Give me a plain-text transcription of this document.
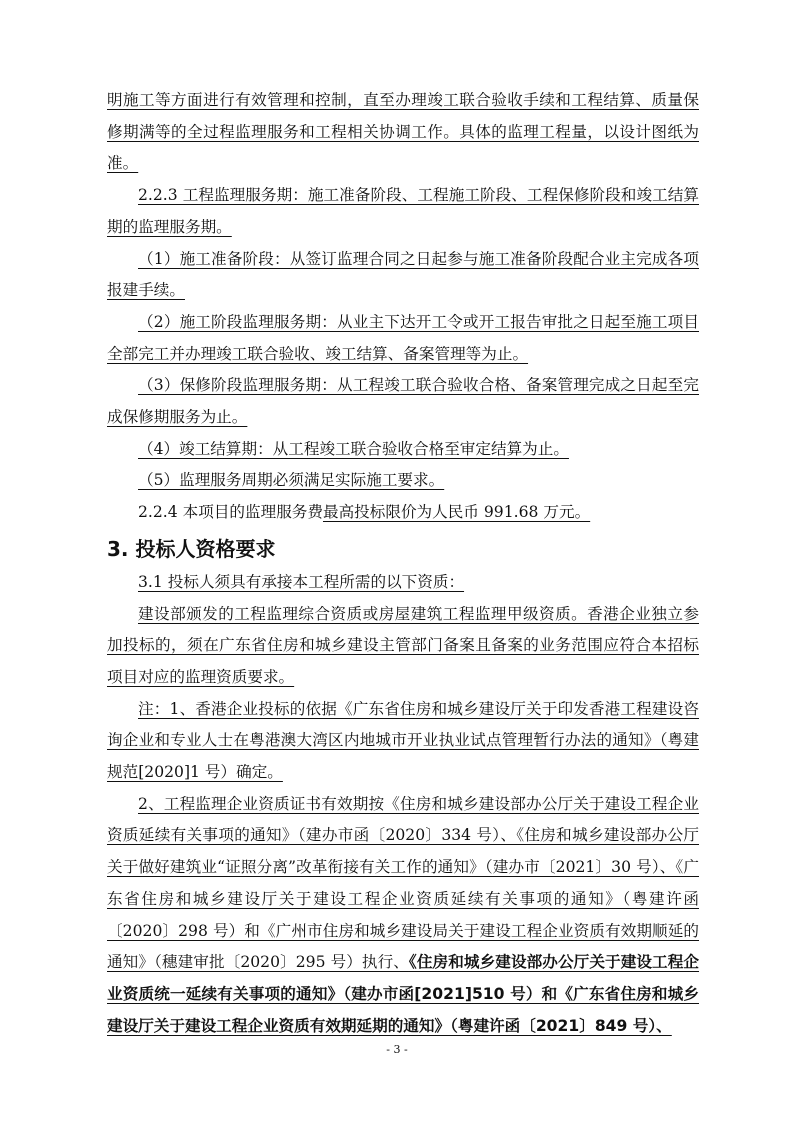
明施工等方面进行有效管理和控制，直至办理竣工联合验收手续和工程结算、质量保修期满等的全过程监理服务和工程相关协调工作。具体的监理工程量，以设计图纸为准。

2.2.3 工程监理服务期：施工准备阶段、工程施工阶段、工程保修阶段和竣工结算期的监理服务期。

（1）施工准备阶段：从签订监理合同之日起参与施工准备阶段配合业主完成各项报建手续。

（2）施工阶段监理服务期：从业主下达开工令或开工报告审批之日起至施工项目全部完工并办理竣工联合验收、竣工结算、备案管理等为止。

（3）保修阶段监理服务期：从工程竣工联合验收合格、备案管理完成之日起至完成保修期服务为止。

（4）竣工结算期：从工程竣工联合验收合格至审定结算为止。

（5）监理服务周期必须满足实际施工要求。

2.2.4 本项目的监理服务费最高投标限价为人民币 991.68 万元。

3. 投标人资格要求

3.1 投标人须具有承接本工程所需的以下资质：

建设部颁发的工程监理综合资质或房屋建筑工程监理甲级资质。香港企业独立参加投标的，须在广东省住房和城乡建设主管部门备案且备案的业务范围应符合本招标项目对应的监理资质要求。

注：1、香港企业投标的依据《广东省住房和城乡建设厅关于印发香港工程建设咨询企业和专业人士在粤港澳大湾区内地城市开业执业试点管理暂行办法的通知》（粤建规范[2020]1 号）确定。

2、工程监理企业资质证书有效期按《住房和城乡建设部办公厅关于建设工程企业资质延续有关事项的通知》（建办市函〔2020〕334 号）、《住房和城乡建设部办公厅关于做好建筑业“证照分离”改革衔接有关工作的通知》（建办市〔2021〕30 号）、《广东省住房和城乡建设厅关于建设工程企业资质延续有关事项的通知》（粤建许函〔2020〕298 号）和《广州市住房和城乡建设局关于建设工程企业资质有效期顺延的通知》（穗建审批〔2020〕295 号）执行、《住房和城乡建设部办公厅关于建设工程企业资质统一延续有关事项的通知》（建办市函[2021]510 号）和《广东省住房和城乡建设厅关于建设工程企业资质有效期延期的通知》（粤建许函〔2021〕849 号）、

- 3 -
